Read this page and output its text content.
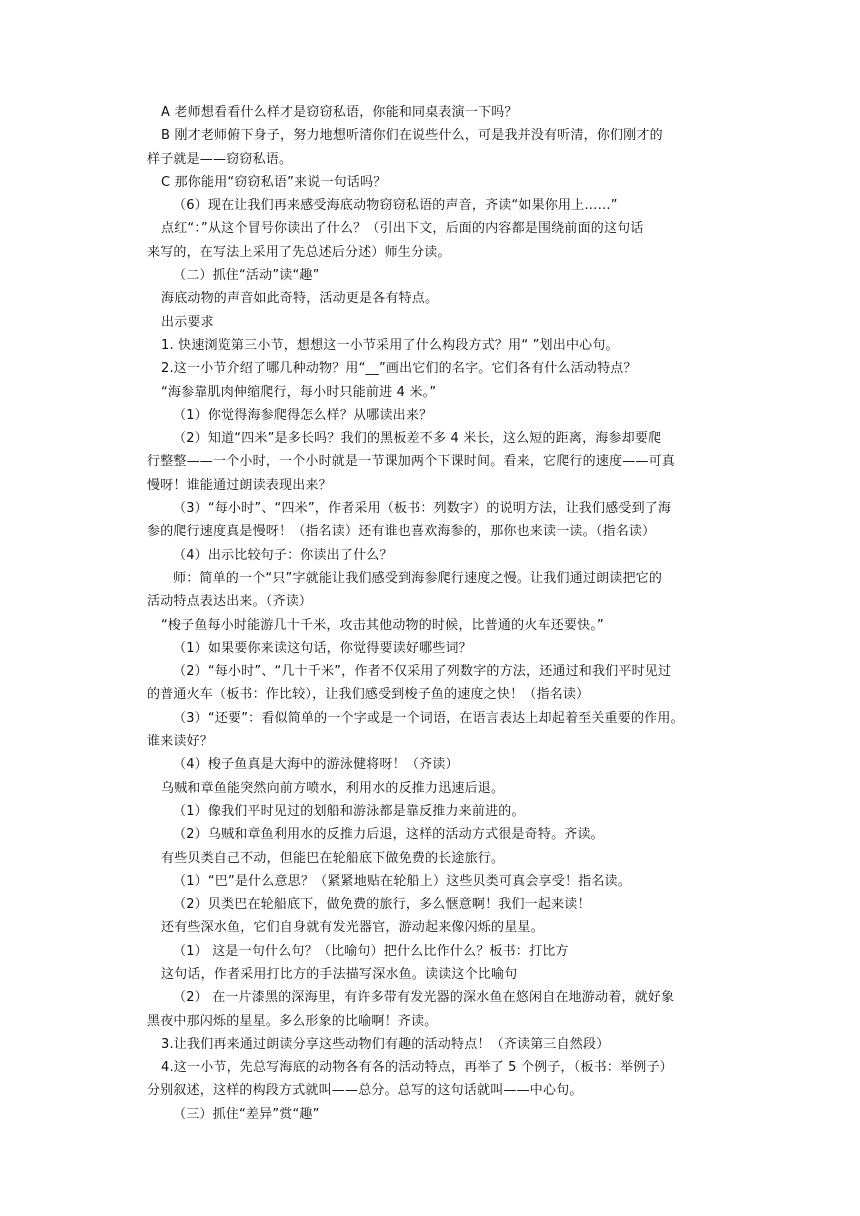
A 老师想看看什么样才是窃窃私语，你能和同桌表演一下吗？
B 刚才老师俯下身子，努力地想听清你们在说些什么，可是我并没有听清，你们刚才的
样子就是——窃窃私语。
C 那你能用“窃窃私语”来说一句话吗？
（6）现在让我们再来感受海底动物窃窃私语的声音，齐读“如果你用上……”
点红“：”从这个冒号你读出了什么？（引出下文，后面的内容都是围绕前面的这句话
来写的，在写法上采用了先总述后分述）师生分读。
（二）抓住“活动”读“趣”
海底动物的声音如此奇特，活动更是各有特点。
出示要求
1. 快速浏览第三小节，想想这一小节采用了什么构段方式？用“ ”划出中心句。
2.这一小节介绍了哪几种动物？用“__”画出它们的名字。它们各有什么活动特点？
“海参靠肌肉伸缩爬行，每小时只能前进 4 米。”
（1）你觉得海参爬得怎么样？从哪读出来？
（2）知道“四米”是多长吗？我们的黑板差不多 4 米长，这么短的距离，海参却要爬
行整整——一个小时，一个小时就是一节课加两个下课时间。看来，它爬行的速度——可真
慢呀！谁能通过朗读表现出来？
（3）“每小时”、“四米”，作者采用（板书：列数字）的说明方法，让我们感受到了海
参的爬行速度真是慢呀！（指名读）还有谁也喜欢海参的，那你也来读一读。（指名读）
（4）出示比较句子：你读出了什么？
师：简单的一个“只”字就能让我们感受到海参爬行速度之慢。让我们通过朗读把它的
活动特点表达出来。（齐读）
“梭子鱼每小时能游几十千米，攻击其他动物的时候，比普通的火车还要快。”
（1）如果要你来读这句话，你觉得要读好哪些词？
（2）“每小时”、“几十千米”，作者不仅采用了列数字的方法，还通过和我们平时见过
的普通火车（板书：作比较），让我们感受到梭子鱼的速度之快！（指名读）
（3）“还要”：看似简单的一个字或是一个词语，在语言表达上却起着至关重要的作用。
谁来读好？
（4）梭子鱼真是大海中的游泳健将呀！（齐读）
乌贼和章鱼能突然向前方喷水，利用水的反推力迅速后退。
（1）像我们平时见过的划船和游泳都是靠反推力来前进的。
（2）乌贼和章鱼利用水的反推力后退，这样的活动方式很是奇特。齐读。
有些贝类自己不动，但能巴在轮船底下做免费的长途旅行。
（1）“巴”是什么意思？（紧紧地贴在轮船上）这些贝类可真会享受！指名读。
（2）贝类巴在轮船底下，做免费的旅行，多么惬意啊！我们一起来读！
还有些深水鱼，它们自身就有发光器官，游动起来像闪烁的星星。
（1） 这是一句什么句？（比喻句）把什么比作什么？板书：打比方
这句话，作者采用打比方的手法描写深水鱼。读读这个比喻句
（2） 在一片漆黑的深海里，有许多带有发光器的深水鱼在悠闲自在地游动着，就好象
黑夜中那闪烁的星星。多么形象的比喻啊！齐读。
3.让我们再来通过朗读分享这些动物们有趣的活动特点！（齐读第三自然段）
4.这一小节，先总写海底的动物各有各的活动特点，再举了 5 个例子，（板书：举例子）
分别叙述，这样的构段方式就叫——总分。总写的这句话就叫——中心句。
（三）抓住“差异”赏“趣”
